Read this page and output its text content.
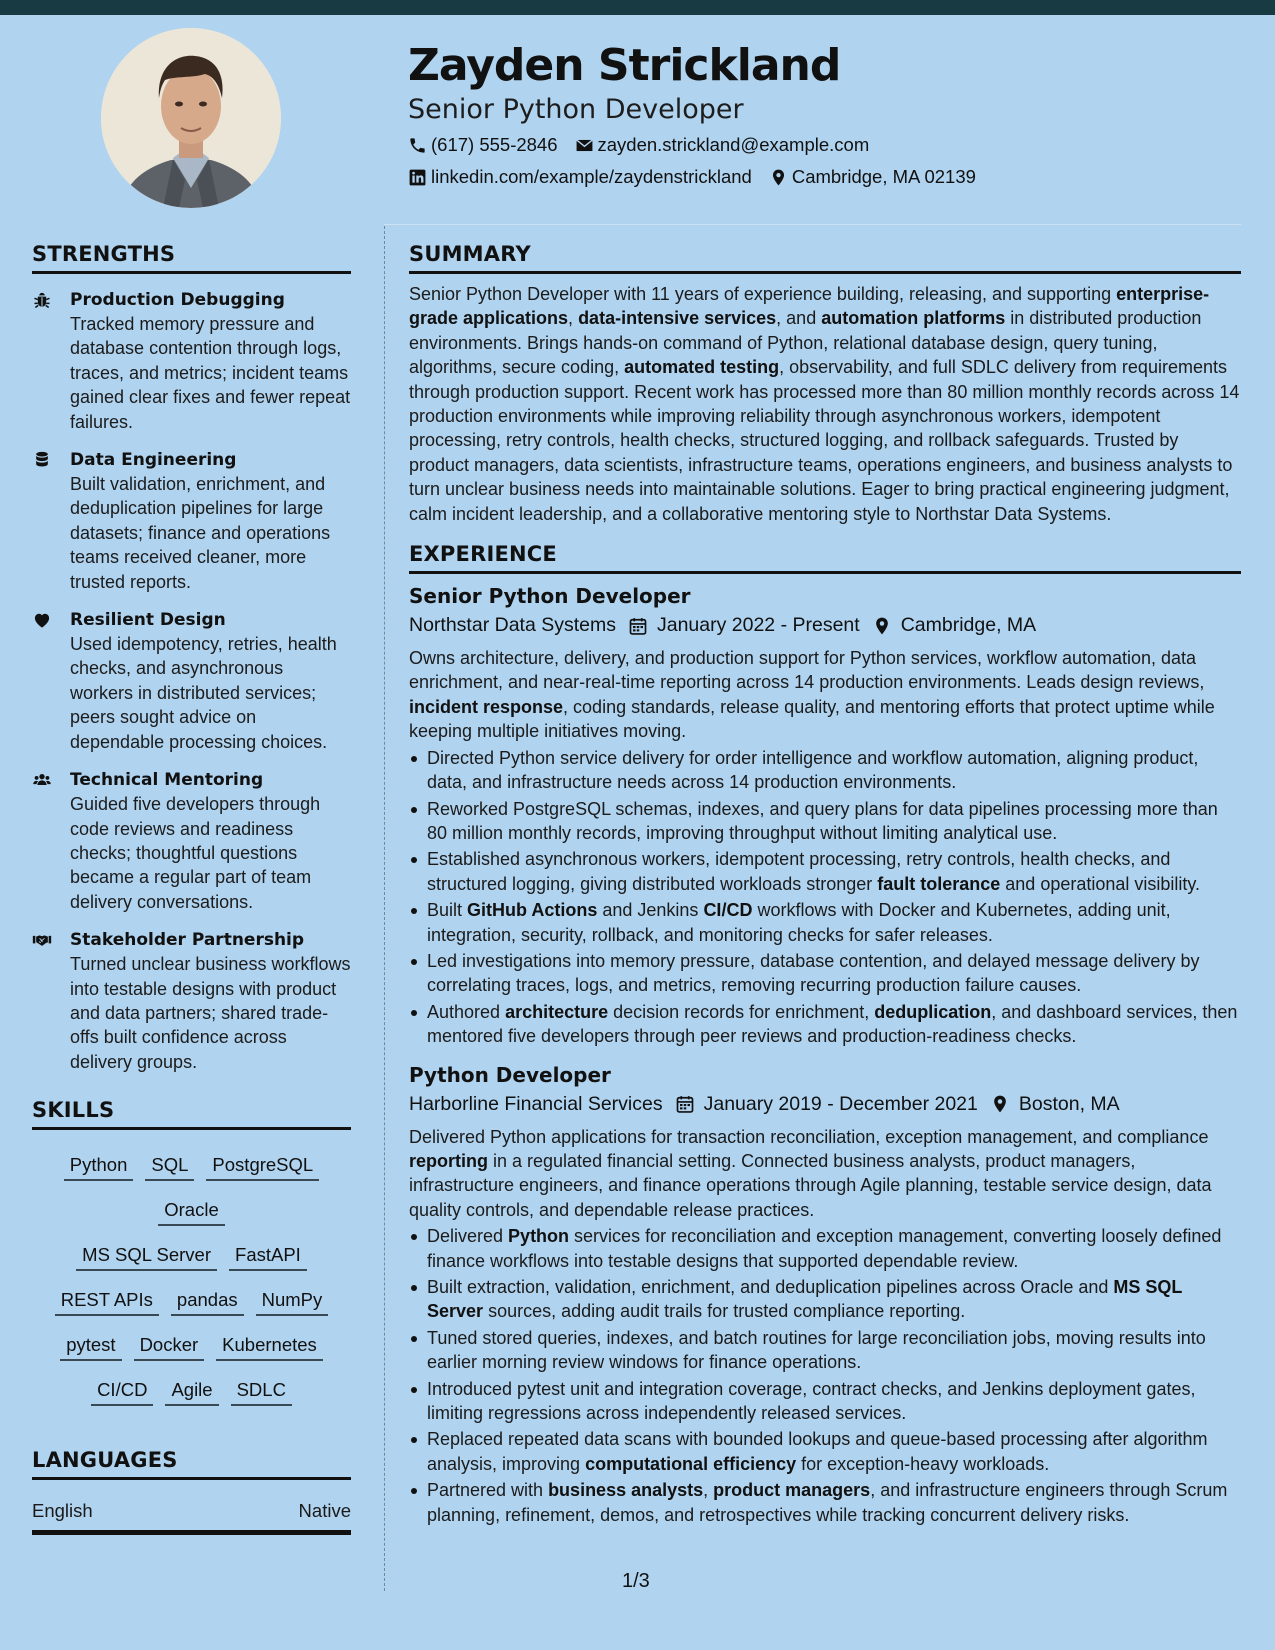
Zayden Strickland
Senior Python Developer
(617) 555-2846 zayden.strickland@example.com
linkedin.com/example/zaydenstrickland Cambridge, MA 02139
STRENGTHS
Production Debugging
Tracked memory pressure and database contention through logs, traces, and metrics; incident teams gained clear fixes and fewer repeat failures.
Data Engineering
Built validation, enrichment, and deduplication pipelines for large datasets; finance and operations teams received cleaner, more trusted reports.
Resilient Design
Used idempotency, retries, health checks, and asynchronous workers in distributed services; peers sought advice on dependable processing choices.
Technical Mentoring
Guided five developers through code reviews and readiness checks; thoughtful questions became a regular part of team delivery conversations.
Stakeholder Partnership
Turned unclear business workflows into testable designs with product and data partners; shared trade-offs built confidence across delivery groups.
SKILLS
Python SQL PostgreSQLOracle
MS SQL Server FastAPI
REST APIs pandas NumPy
pytest Docker Kubernetes
CI/CD Agile SDLC
LANGUAGES
English	Native
SUMMARY

Senior Python Developer with 11 years of experience building, releasing, and supporting enterprise-grade applications, data-intensive services, and automation platforms in distributed production environments. Brings hands-on command of Python, relational database design, query tuning, algorithms, secure coding, automated testing, observability, and full SDLC delivery from requirements through production support. Recent work has processed more than 80 million monthly records across 14 production environments while improving reliability through asynchronous workers, idempotent processing, retry controls, health checks, structured logging, and rollback safeguards. Trusted by product managers, data scientists, infrastructure teams, operations engineers, and business analysts to turn unclear business needs into maintainable solutions. Eager to bring practical engineering judgment, calm incident leadership, and a collaborative mentoring style to Northstar Data Systems.

EXPERIENCE
Senior Python Developer
Northstar Data Systems January 2022 - Present Cambridge, MA

Owns architecture, delivery, and production support for Python services, workflow automation, data enrichment, and near-real-time reporting across 14 production environments. Leads design reviews, incident response, coding standards, release quality, and mentoring efforts that protect uptime while keeping multiple initiatives moving.

Directed Python service delivery for order intelligence and workflow automation, aligning product, data, and infrastructure needs across 14 production environments.
Reworked PostgreSQL schemas, indexes, and query plans for data pipelines processing more than 80 million monthly records, improving throughput without limiting analytical use.
Established asynchronous workers, idempotent processing, retry controls, health checks, and structured logging, giving distributed workloads stronger fault tolerance and operational visibility.
Built GitHub Actions and Jenkins CI/CD workflows with Docker and Kubernetes, adding unit, integration, security, rollback, and monitoring checks for safer releases.
Led investigations into memory pressure, database contention, and delayed message delivery by correlating traces, logs, and metrics, removing recurring production failure causes.
Authored architecture decision records for enrichment, deduplication, and dashboard services, then mentored five developers through peer reviews and production-readiness checks.
Python Developer
Harborline Financial Services January 2019 - December 2021 Boston, MA

Delivered Python applications for transaction reconciliation, exception management, and compliance reporting in a regulated financial setting. Connected business analysts, product managers, infrastructure engineers, and finance operations through Agile planning, testable service design, data quality controls, and dependable release practices.

Delivered Python services for reconciliation and exception management, converting loosely defined finance workflows into testable designs that supported dependable review.
Built extraction, validation, enrichment, and deduplication pipelines across Oracle and MS SQL Server sources, adding audit trails for trusted compliance reporting.
Tuned stored queries, indexes, and batch routines for large reconciliation jobs, moving results into earlier morning review windows for finance operations.
Introduced pytest unit and integration coverage, contract checks, and Jenkins deployment gates, limiting regressions across independently released services.
Replaced repeated data scans with bounded lookups and queue-based processing after algorithm analysis, improving computational efficiency for exception-heavy workloads.
Partnered with business analysts, product managers, and infrastructure engineers through Scrum planning, refinement, demos, and retrospectives while tracking concurrent delivery risks.
1/3
